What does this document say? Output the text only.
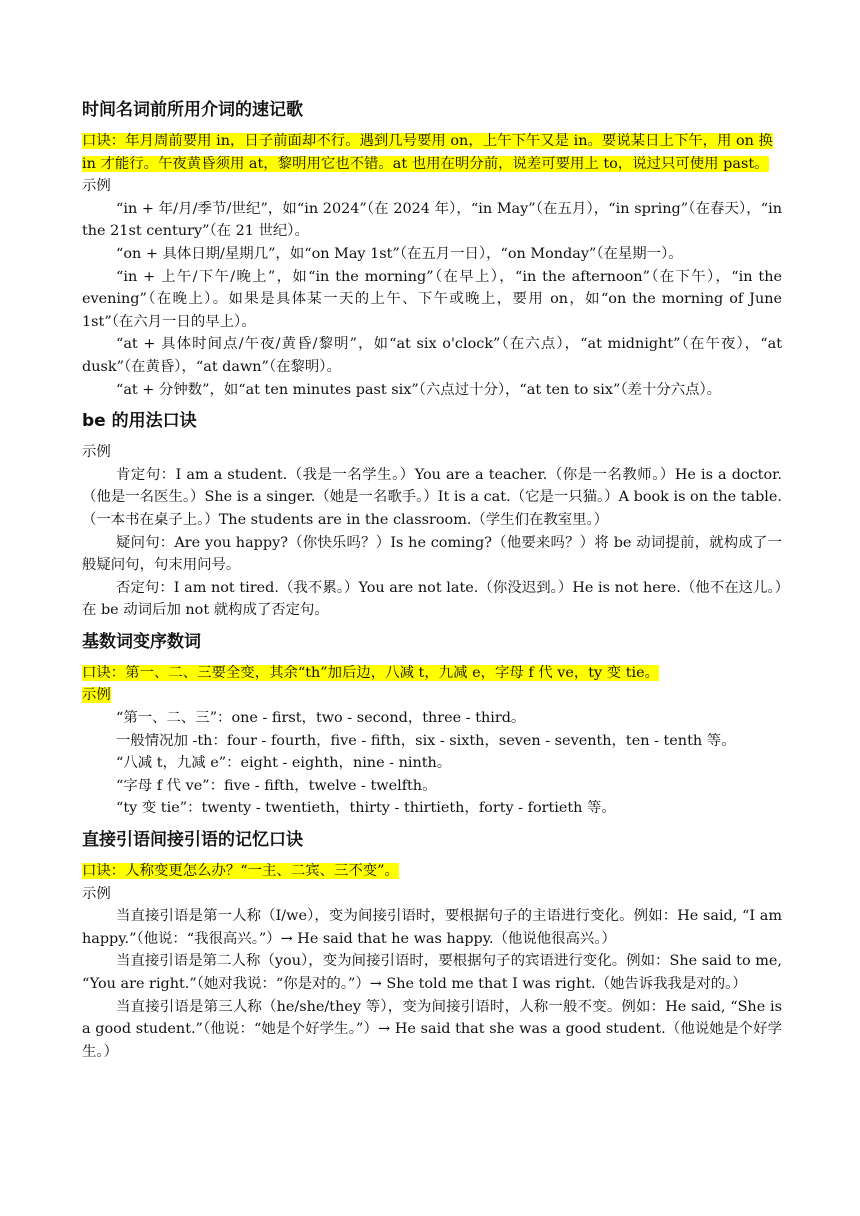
时间名词前所用介词的速记歌
口诀：年月周前要用 in，日子前面却不行。遇到几号要用 on，上午下午又是 in。要说某日上下午，用 on 换 in 才能行。午夜黄昏须用 at，黎明用它也不错。at 也用在明分前，说差可要用上 to，说过只可使用 past。
示例

“in + 年/月/季节/世纪”，如“in 2024”（在 2024 年），“in May”（在五月），“in spring”（在春天），“in the 21st century”（在 21 世纪）。

“on + 具体日期/星期几”，如“on May 1st”（在五月一日），“on Monday”（在星期一）。

“in + 上午/下午/晚上”，如“in the morning”（在早上），“in the afternoon”（在下午），“in the evening”（在晚上）。如果是具体某一天的上午、下午或晚上，要用 on，如“on the morning of June 1st”（在六月一日的早上）。

“at + 具体时间点/午夜/黄昏/黎明”，如“at six o'clock”（在六点），“at midnight”（在午夜），“at dusk”（在黄昏），“at dawn”（在黎明）。

“at + 分钟数”，如“at ten minutes past six”（六点过十分），“at ten to six”（差十分六点）。

be 的用法口诀
示例

肯定句：I am a student.（我是一名学生。）You are a teacher.（你是一名教师。）He is a doctor.（他是一名医生。）She is a singer.（她是一名歌手。）It is a cat.（它是一只猫。）A book is on the table.（一本书在桌子上。）The students are in the classroom.（学生们在教室里。）

疑问句：Are you happy?（你快乐吗？）Is he coming?（他要来吗？）将 be 动词提前，就构成了一般疑问句，句末用问号。

否定句：I am not tired.（我不累。）You are not late.（你没迟到。）He is not here.（他不在这儿。）在 be 动词后加 not 就构成了否定句。

基数词变序数词
口诀：第一、二、三要全变，其余“th”加后边，八减 t，九减 e，字母 f 代 ve，ty 变 tie。
示例

“第一、二、三”：one - first，two - second，three - third。

一般情况加 -th：four - fourth，five - fifth，six - sixth，seven - seventh，ten - tenth 等。

“八减 t，九减 e”：eight - eighth，nine - ninth。

“字母 f 代 ve”：five - fifth，twelve - twelfth。

“ty 变 tie”：twenty - twentieth，thirty - thirtieth，forty - fortieth 等。

直接引语间接引语的记忆口诀
口诀：人称变更怎么办？“一主、二宾、三不变”。
示例

当直接引语是第一人称（I/we），变为间接引语时，要根据句子的主语进行变化。例如：He said, “I am happy.”（他说：“我很高兴。”）→ He said that he was happy.（他说他很高兴。）

当直接引语是第二人称（you），变为间接引语时，要根据句子的宾语进行变化。例如：She said to me, “You are right.”（她对我说：“你是对的。”）→ She told me that I was right.（她告诉我我是对的。）

当直接引语是第三人称（he/she/they 等），变为间接引语时，人称一般不变。例如：He said, “She is a good student.”（他说：“她是个好学生。”）→ He said that she was a good student.（他说她是个好学生。）
